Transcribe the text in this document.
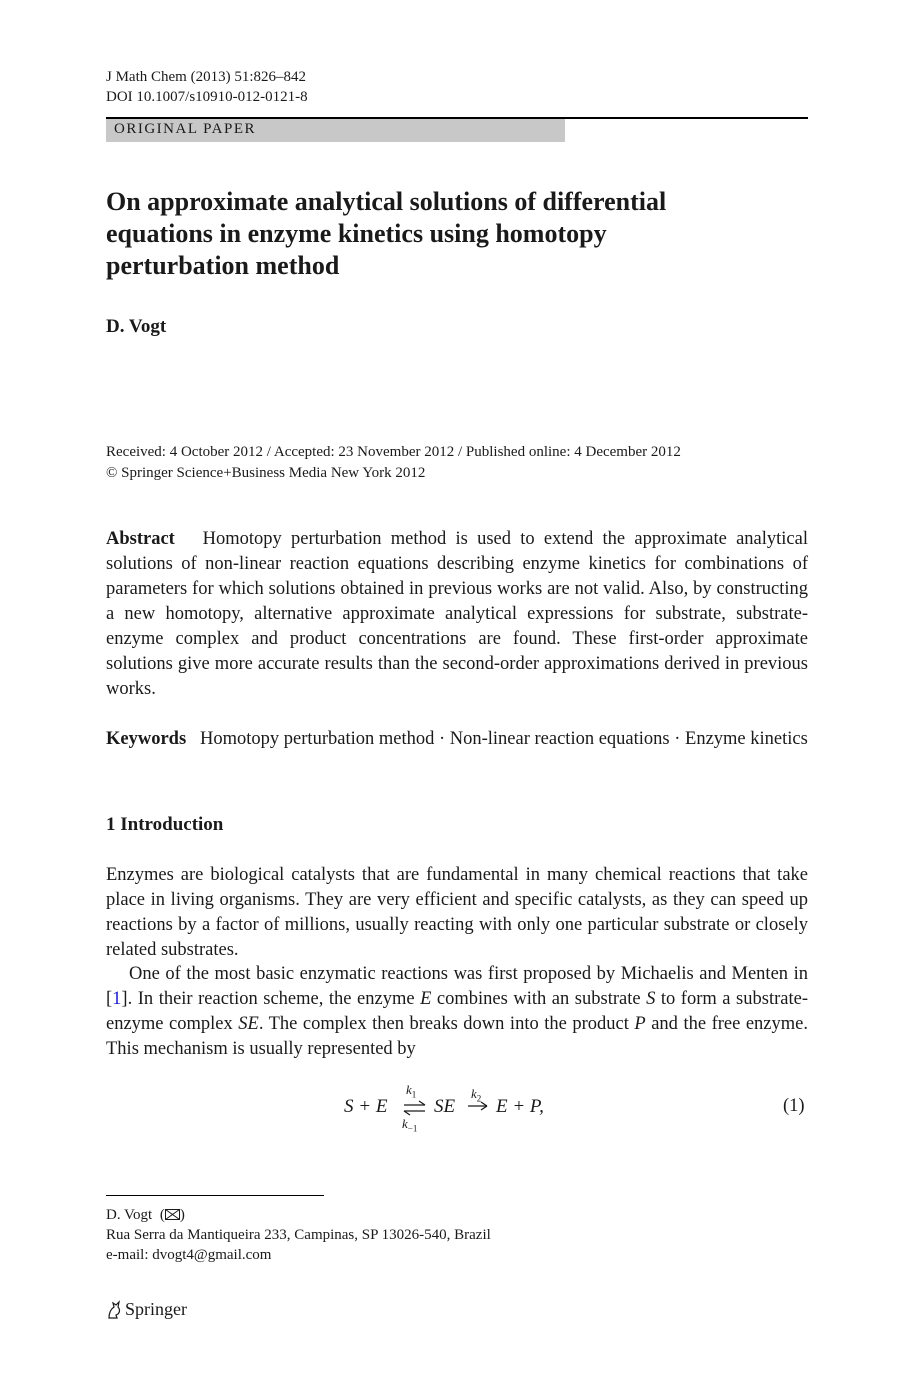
J Math Chem (2013) 51:826–842
DOI 10.1007/s10910-012-0121-8
ORIGINAL PAPER
On approximate analytical solutions of differential
equations in enzyme kinetics using homotopy
perturbation method
D. Vogt
Received: 4 October 2012 / Accepted: 23 November 2012 / Published online: 4 December 2012
© Springer Science+Business Media New York 2012
Abstract Homotopy perturbation method is used to extend the approximate analytical solutions of non-linear reaction equations describing enzyme kinetics for combinations of parameters for which solutions obtained in previous works are not valid. Also, by constructing a new homotopy, alternative approximate analytical expressions for substrate, substrate-enzyme complex and product concentrations are found. These first-order approximate solutions give more accurate results than the second-order approximations derived in previous works.
Keywords Homotopy perturbation method · Non-linear reaction equations · Enzyme kinetics
1 Introduction
Enzymes are biological catalysts that are fundamental in many chemical reactions that take place in living organisms. They are very efficient and specific catalysts, as they can speed up reactions by a factor of millions, usually reacting with only one particular substrate or closely related substrates.
One of the most basic enzymatic reactions was first proposed by Michaelis and Menten in [1]. In their reaction scheme, the enzyme E combines with an substrate S to form a substrate-enzyme complex SE. The complex then breaks down into the product P and the free enzyme. This mechanism is usually represented by
S + E
$k_1$
$k_{-1}$
SE
$k_2$ E + P,	(1)
D. Vogt ( )
Rua Serra da Mantiqueira 233, Campinas, SP 13026-540, Brazil
e-mail: dvogt4@gmail.com
Springer
